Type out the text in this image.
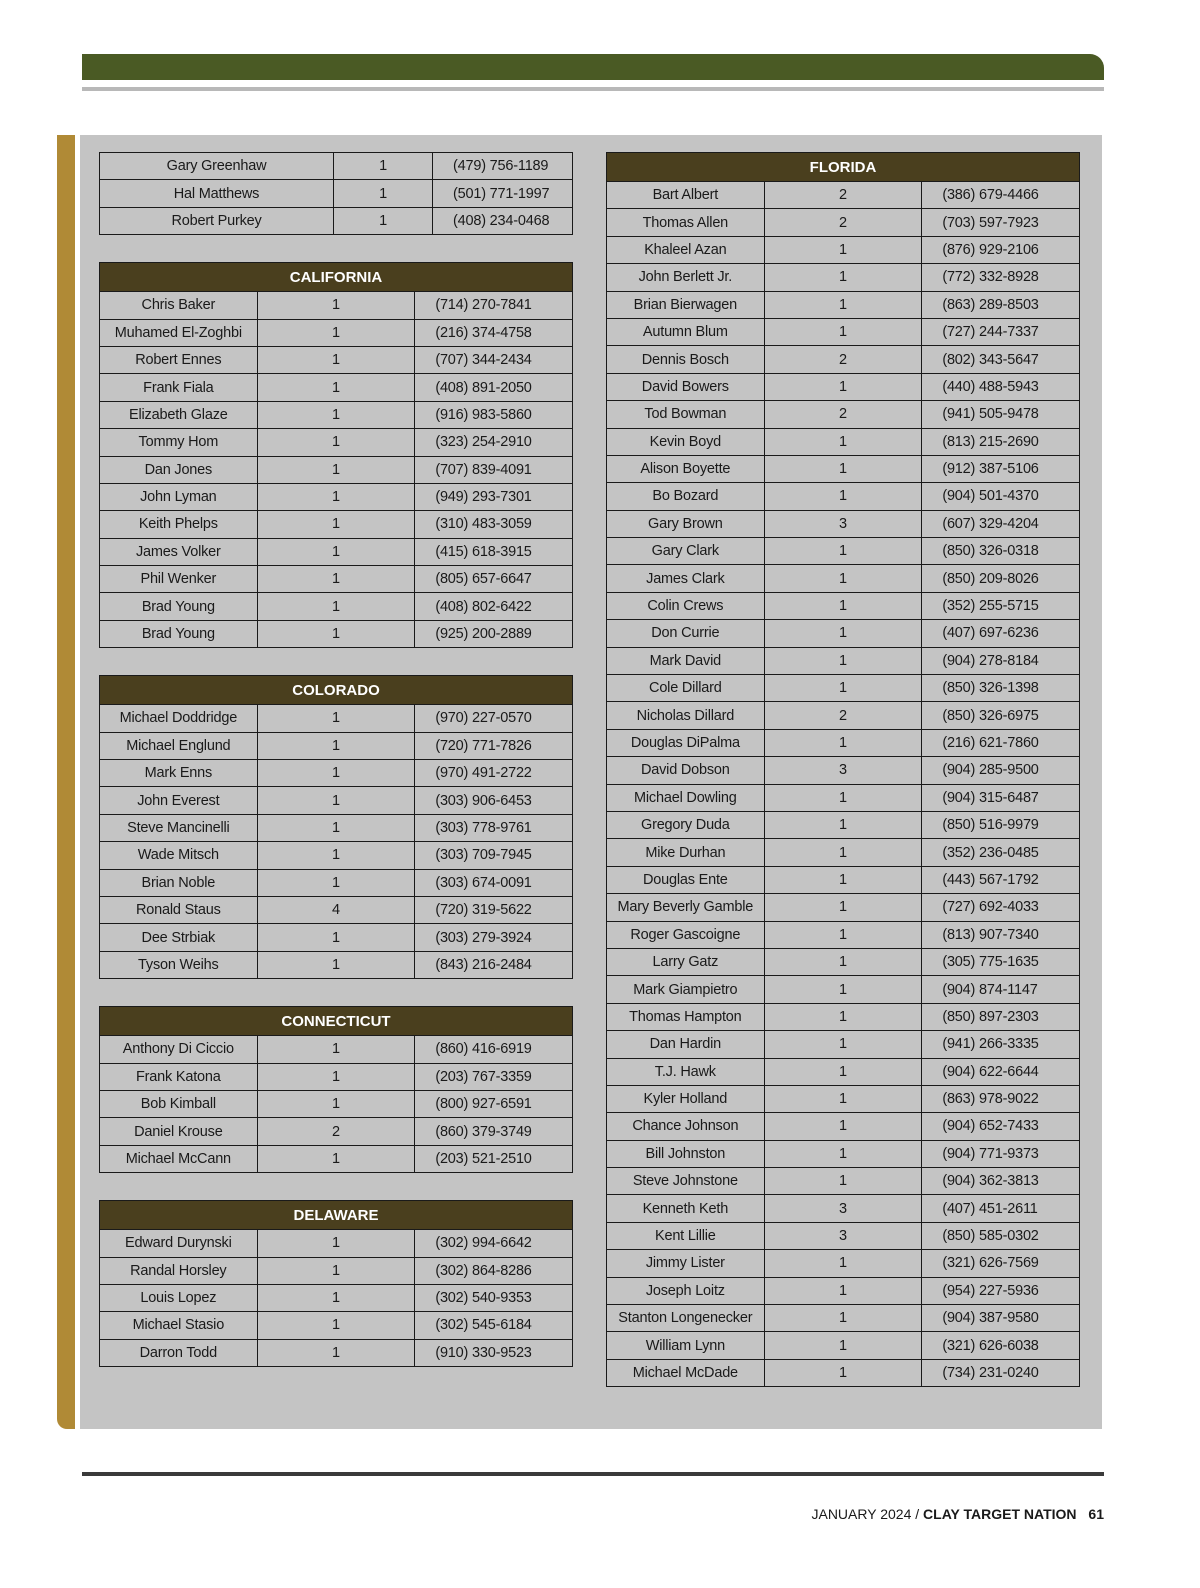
Gary Greenhaw	1	(479) 756-1189
Hal Matthews	1	(501) 771-1997
Robert Purkey	1	(408) 234-0468
CALIFORNIA		
Chris Baker	1	(714) 270-7841
Muhamed El-Zoghbi	1	(216) 374-4758
Robert Ennes	1	(707) 344-2434
Frank Fiala	1	(408) 891-2050
Elizabeth Glaze	1	(916) 983-5860
Tommy Hom	1	(323) 254-2910
Dan Jones	1	(707) 839-4091
John Lyman	1	(949) 293-7301
Keith Phelps	1	(310) 483-3059
James Volker	1	(415) 618-3915
Phil Wenker	1	(805) 657-6647
Brad Young	1	(408) 802-6422
Brad Young	1	(925) 200-2889
COLORADO		
Michael Doddridge	1	(970) 227-0570
Michael Englund	1	(720) 771-7826
Mark Enns	1	(970) 491-2722
John Everest	1	(303) 906-6453
Steve Mancinelli	1	(303) 778-9761
Wade Mitsch	1	(303) 709-7945
Brian Noble	1	(303) 674-0091
Ronald Staus	4	(720) 319-5622
Dee Strbiak	1	(303) 279-3924
Tyson Weihs	1	(843) 216-2484
CONNECTICUT		
Anthony Di Ciccio	1	(860) 416-6919
Frank Katona	1	(203) 767-3359
Bob Kimball	1	(800) 927-6591
Daniel Krouse	2	(860) 379-3749
Michael McCann	1	(203) 521-2510
DELAWARE		
Edward Durynski	1	(302) 994-6642
Randal Horsley	1	(302) 864-8286
Louis Lopez	1	(302) 540-9353
Michael Stasio	1	(302) 545-6184
Darron Todd	1	(910) 330-9523
FLORIDA		
Bart Albert	2	(386) 679-4466
Thomas Allen	2	(703) 597-7923
Khaleel Azan	1	(876) 929-2106
John Berlett Jr.	1	(772) 332-8928
Brian Bierwagen	1	(863) 289-8503
Autumn Blum	1	(727) 244-7337
Dennis Bosch	2	(802) 343-5647
David Bowers	1	(440) 488-5943
Tod Bowman	2	(941) 505-9478
Kevin Boyd	1	(813) 215-2690
Alison Boyette	1	(912) 387-5106
Bo Bozard	1	(904) 501-4370
Gary Brown	3	(607) 329-4204
Gary Clark	1	(850) 326-0318
James Clark	1	(850) 209-8026
Colin Crews	1	(352) 255-5715
Don Currie	1	(407) 697-6236
Mark David	1	(904) 278-8184
Cole Dillard	1	(850) 326-1398
Nicholas Dillard	2	(850) 326-6975
Douglas DiPalma	1	(216) 621-7860
David Dobson	3	(904) 285-9500
Michael Dowling	1	(904) 315-6487
Gregory Duda	1	(850) 516-9979
Mike Durhan	1	(352) 236-0485
Douglas Ente	1	(443) 567-1792
Mary Beverly Gamble	1	(727) 692-4033
Roger Gascoigne	1	(813) 907-7340
Larry Gatz	1	(305) 775-1635
Mark Giampietro	1	(904) 874-1147
Thomas Hampton	1	(850) 897-2303
Dan Hardin	1	(941) 266-3335
T.J. Hawk	1	(904) 622-6644
Kyler Holland	1	(863) 978-9022
Chance Johnson	1	(904) 652-7433
Bill Johnston	1	(904) 771-9373
Steve Johnstone	1	(904) 362-3813
Kenneth Keth	3	(407) 451-2611
Kent Lillie	3	(850) 585-0302
Jimmy Lister	1	(321) 626-7569
Joseph Loitz	1	(954) 227-5936
Stanton Longenecker	1	(904) 387-9580
William Lynn	1	(321) 626-6038
Michael McDade	1	(734) 231-0240
JANUARY 2024 / CLAY TARGET NATION 61
